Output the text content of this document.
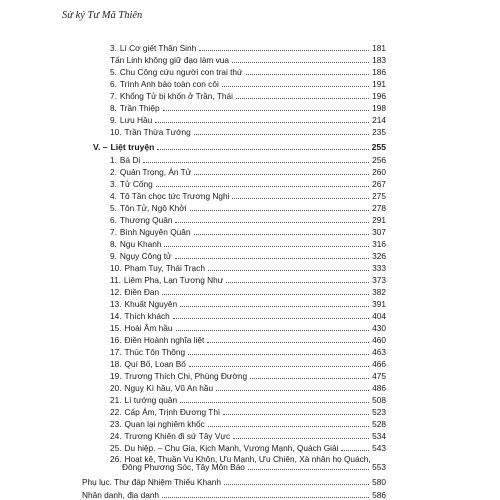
Sử ký Tư Mã Thiên
3. Lí Cơ giết Thân Sinh	181
Tấn Linh không giữ đạo làm vua	183
5. Chu Công cứu người con trai thứ	186
6. Trình Anh bảo toàn con côi	191
7. Khổng Tử bị khốn ở Trần, Thái	196
8. Trần Thiệp	198
9. Lưu Hầu	214
10. Trần Thừa Tướng	235
V. – Liệt truyện	255
1. Bá Di	256
2. Quản Trọng, Án Tử	260
3. Tử Cống	267
4. Tô Tần chọc tức Trương Nghi	275
5. Tôn Tử, Ngô Khởi	278
6. Thương Quân	291
7. Bình Nguyên Quân	307
8. Ngu Khanh	316
9. Ngụy Công tử	326
10. Phạm Tuy, Thái Trạch	333
11. Liêm Pha, Lạn Tương Như	373
12. Điền Đan	382
13. Khuất Nguyên	391
14. Thích khách	404
15. Hoài Âm hầu	430
16. Điền Hoành nghĩa liệt	460
17. Thúc Tôn Thông	463
18. Quí Bố, Loan Bố	466
19. Trương Thích Chi, Phùng Đường	475
20. Nguỵ Kì hầu, Vũ An hầu	486
21. Lí tướng quân	508
22. Cấp Ám, Trịnh Đương Thì	523
23. Quan lại nghiêm khốc	528
24. Trương Khiên đi sứ Tây Vực	534
25. Du hiệp. – Chu Gia, Kịch Mạnh, Vương Mạnh, Quách Giải	543
26. Hoạt kê, Thuần Vu Khôn, Ưu Mạnh, Ưu Chiên, Xà nhân họ Quách,
Đông Phương Sóc, Tây Môn Báo	553
Phụ lục. Thư đáp Nhiệm Thiếu Khanh	580
Nhân danh, địa danh	586
